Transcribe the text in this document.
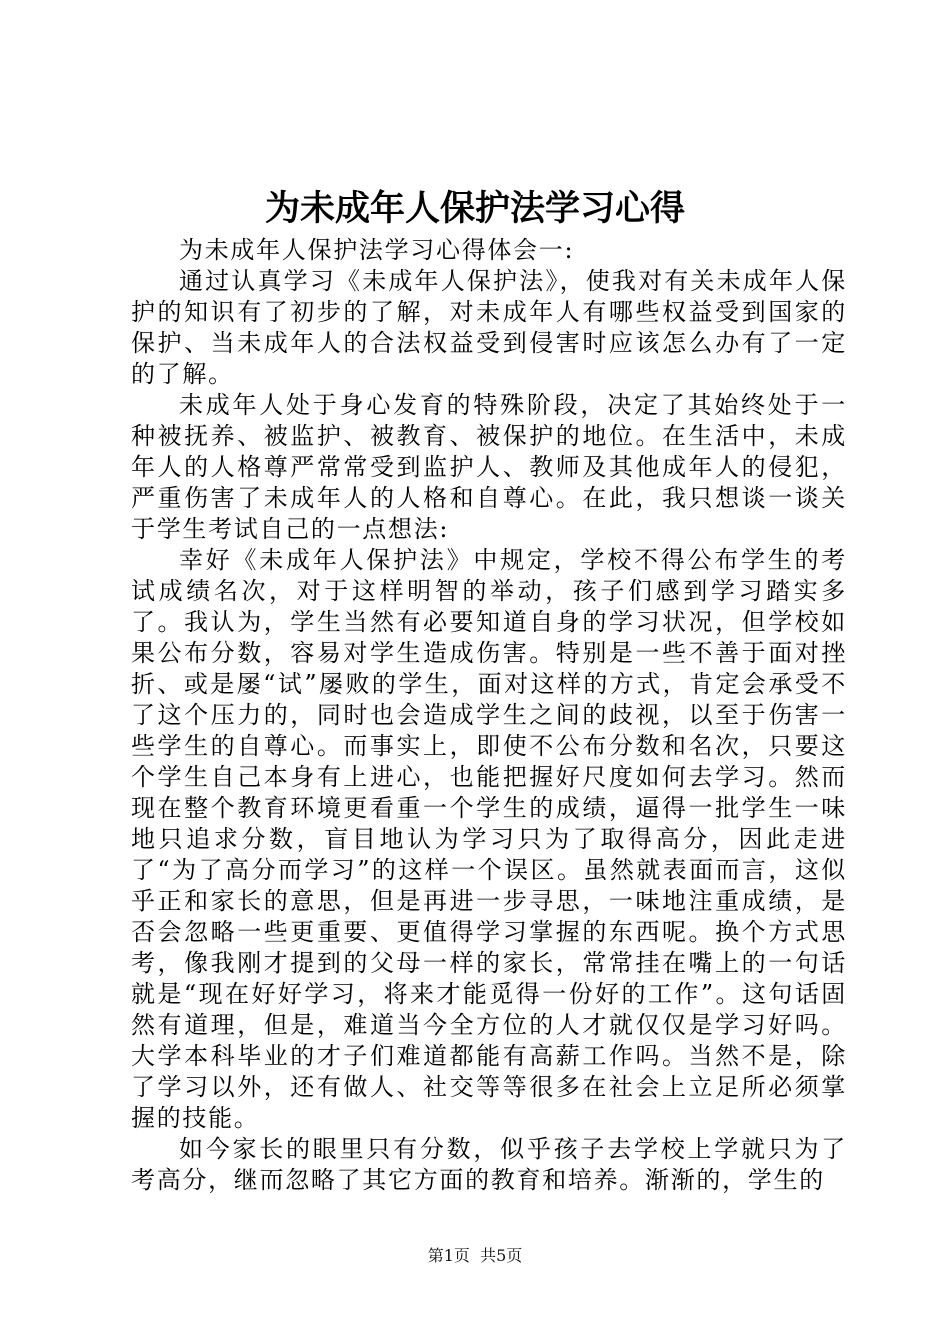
为未成年人保护法学习心得

为未成年人保护法学习心得体会一:

通过认真学习《未成年人保护法》，使我对有关未成年人保护的知识有了初步的了解，对未成年人有哪些权益受到国家的保护、当未成年人的合法权益受到侵害时应该怎么办有了一定的了解。

未成年人处于身心发育的特殊阶段，决定了其始终处于一种被抚养、被监护、被教育、被保护的地位。在生活中，未成年人的人格尊严常常受到监护人、教师及其他成年人的侵犯，严重伤害了未成年人的人格和自尊心。在此，我只想谈一谈关于学生考试自己的一点想法:

幸好《未成年人保护法》中规定，学校不得公布学生的考试成绩名次，对于这样明智的举动，孩子们感到学习踏实多了。我认为，学生当然有必要知道自身的学习状况，但学校如果公布分数，容易对学生造成伤害。特别是一些不善于面对挫折、或是屡“试”屡败的学生，面对这样的方式，肯定会承受不了这个压力的，同时也会造成学生之间的歧视，以至于伤害一些学生的自尊心。而事实上，即使不公布分数和名次，只要这个学生自己本身有上进心，也能把握好尺度如何去学习。然而现在整个教育环境更看重一个学生的成绩，逼得一批学生一味地只追求分数，盲目地认为学习只为了取得高分，因此走进了“为了高分而学习”的这样一个误区。虽然就表面而言，这似乎正和家长的意思，但是再进一步寻思，一味地注重成绩，是否会忽略一些更重要、更值得学习掌握的东西呢。换个方式思考，像我刚才提到的父母一样的家长，常常挂在嘴上的一句话就是“现在好好学习，将来才能觅得一份好的工作”。这句话固然有道理，但是，难道当今全方位的人才就仅仅是学习好吗。大学本科毕业的才子们难道都能有高薪工作吗。当然不是，除了学习以外，还有做人、社交等等很多在社会上立足所必须掌握的技能。

如今家长的眼里只有分数，似乎孩子去学校上学就只为了考高分，继而忽略了其它方面的教育和培养。渐渐的，学生的

第1页  共5页
